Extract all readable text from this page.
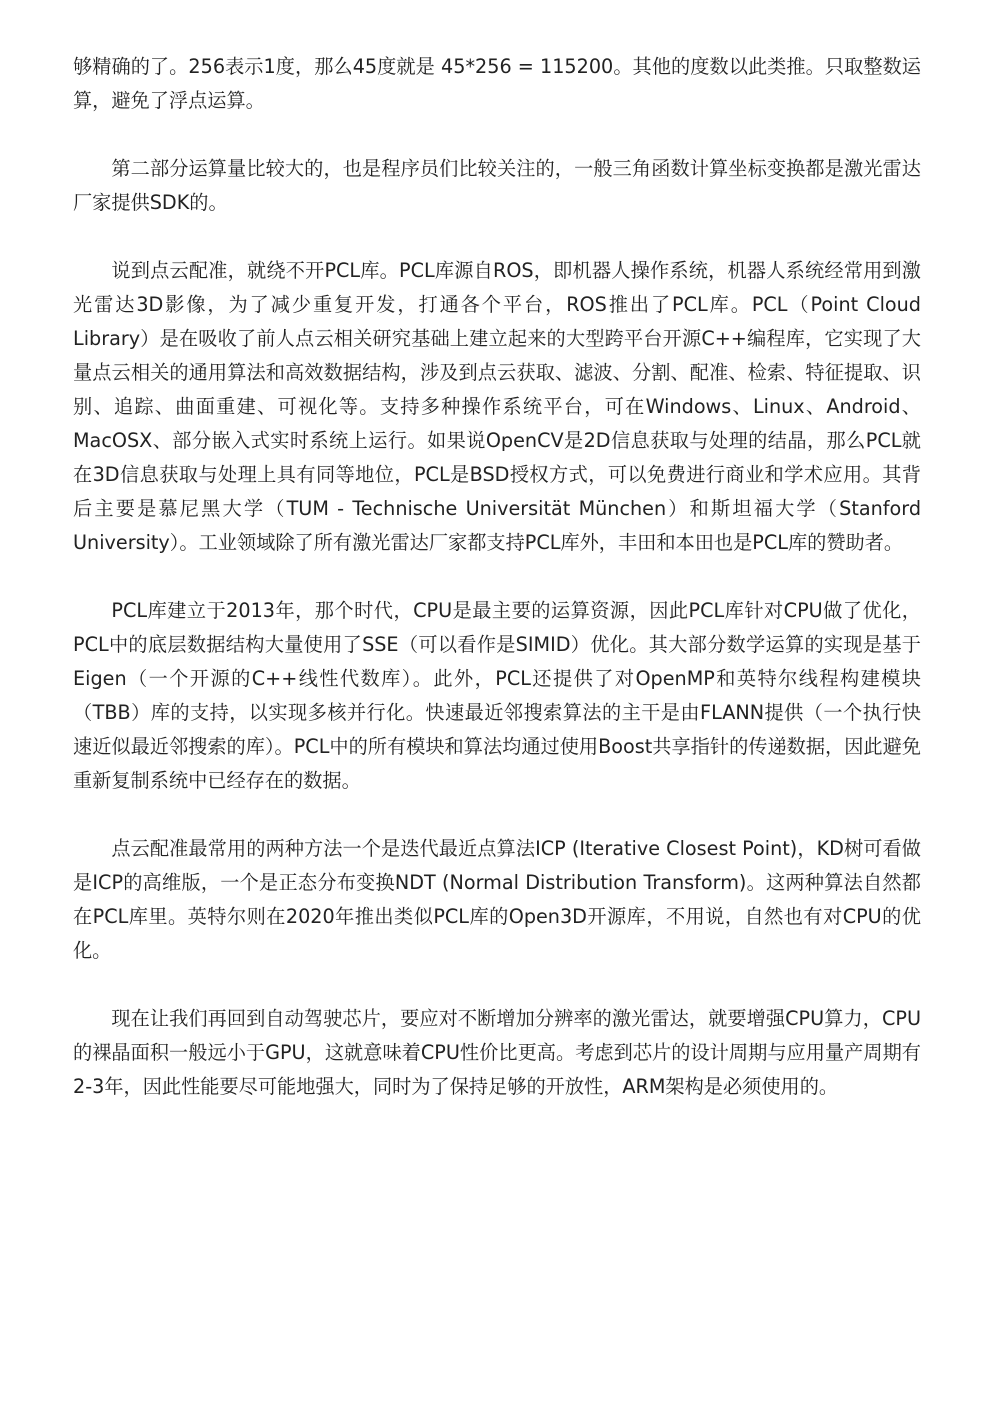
够精确的了。256表示1度，那么45度就是 45*256 = 115200。其他的度数以此类推。只取整数运算，避免了浮点运算。

第二部分运算量比较大的，也是程序员们比较关注的，一般三角函数计算坐标变换都是激光雷达厂家提供SDK的。

说到点云配准，就绕不开PCL库。PCL库源自ROS，即机器人操作系统，机器人系统经常用到激光雷达3D影像，为了减少重复开发，打通各个平台，ROS推出了PCL库。PCL（Point Cloud Library）是在吸收了前人点云相关研究基础上建立起来的大型跨平台开源C++编程库，它实现了大量点云相关的通用算法和高效数据结构，涉及到点云获取、滤波、分割、配准、检索、特征提取、识别、追踪、曲面重建、可视化等。支持多种操作系统平台，可在Windows、Linux、Android、MacOSX、部分嵌入式实时系统上运行。如果说OpenCV是2D信息获取与处理的结晶，那么PCL就在3D信息获取与处理上具有同等地位，PCL是BSD授权方式，可以免费进行商业和学术应用。其背后主要是慕尼黑大学（TUM - Technische Universität München）和斯坦福大学（Stanford University）。工业领域除了所有激光雷达厂家都支持PCL库外，丰田和本田也是PCL库的赞助者。

PCL库建立于2013年，那个时代，CPU是最主要的运算资源，因此PCL库针对CPU做了优化，PCL中的底层数据结构大量使用了SSE（可以看作是SIMID）优化。其大部分数学运算的实现是基于Eigen（一个开源的C++线性代数库）。此外，PCL还提供了对OpenMP和英特尔线程构建模块（TBB）库的支持，以实现多核并行化。快速最近邻搜索算法的主干是由FLANN提供（一个执行快速近似最近邻搜索的库）。PCL中的所有模块和算法均通过使用Boost共享指针的传递数据，因此避免重新复制系统中已经存在的数据。

点云配准最常用的两种方法一个是迭代最近点算法ICP (Iterative Closest Point)，KD树可看做是ICP的高维版，一个是正态分布变换NDT (Normal Distribution Transform)。这两种算法自然都在PCL库里。英特尔则在2020年推出类似PCL库的Open3D开源库，不用说，自然也有对CPU的优化。

现在让我们再回到自动驾驶芯片，要应对不断增加分辨率的激光雷达，就要增强CPU算力，CPU的裸晶面积一般远小于GPU，这就意味着CPU性价比更高。考虑到芯片的设计周期与应用量产周期有2-3年，因此性能要尽可能地强大，同时为了保持足够的开放性，ARM架构是必须使用的。
